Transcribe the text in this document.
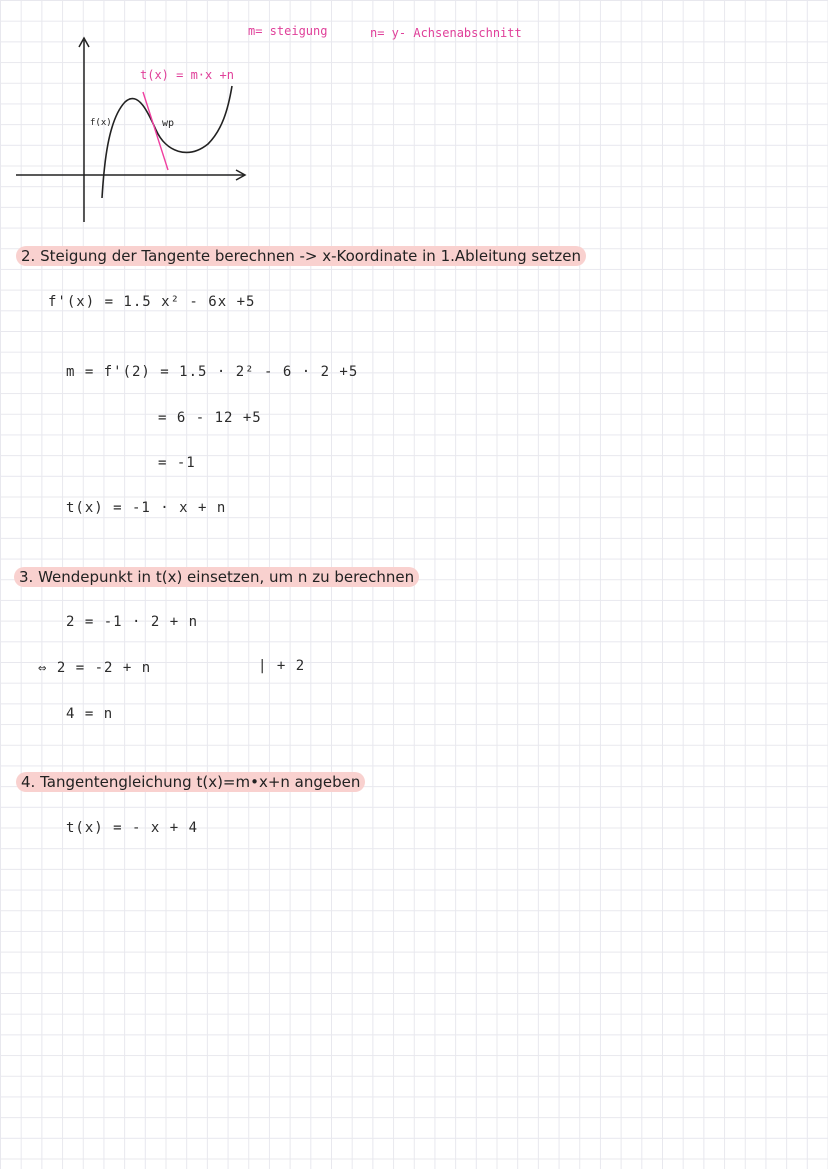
m= steigung	n= y- Achsenabschnitt
t(x) = m·x +n
f(x)	wp
2. Steigung der Tangente berechnen -> x-Koordinate in 1.Ableitung setzen
f'(x) = 1.5 x² - 6x +5
m = f'(2) = 1.5 · 2² - 6 · 2 +5
= 6 - 12 +5
= -1
t(x) = -1 · x + n
3. Wendepunkt in t(x) einsetzen, um n zu berechnen
2 = -1 · 2 + n
⇔ 2 = -2 + n	| + 2
4 = n
4. Tangentengleichung t(x)=m•x+n angeben
t(x) = - x + 4
